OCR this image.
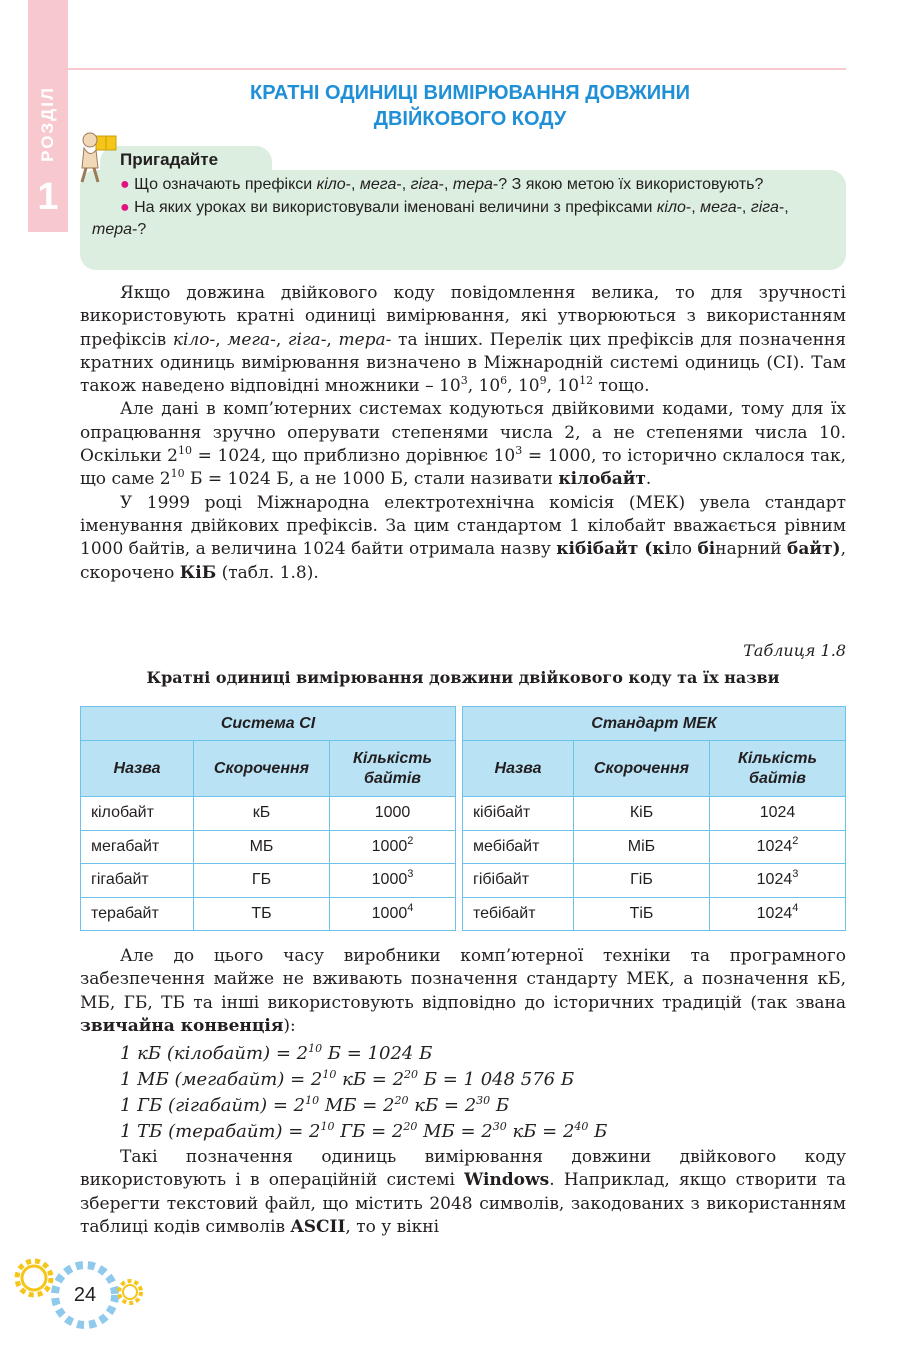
РОЗДІЛ
1
КРАТНІ ОДИНИЦІ ВИМІРЮВАННЯ ДОВЖИНИ
ДВІЙКОВОГО КОДУ
Пригадайте
● Що означають префікси кіло-, мега-, гіга-, тера-? З якою метою їх використовують?
● На яких уроках ви використовували іменовані величини з префіксами кіло-, мега-, гіга-, тера-?

Якщо довжина двійкового коду повідомлення велика, то для зручності використовують кратні одиниці вимірювання, які утворюються з використанням префіксів кіло-, мега-, гіга-, тера- та інших. Перелік цих префіксів для позначення кратних одиниць вимірювання визначено в Міжнародній системі одиниць (СІ). Там також наведено відповідні множники – $10^3$, $10^6$, $10^9$, $10^{12}$ тощо.

Але дані в комп’ютерних системах кодуються двійковими кодами, тому для їх опрацювання зручно оперувати степенями числа 2, а не степенями числа 10. Оскільки $2^{10} = 1024$, що приблизно дорівнює $10^3 = 1000$, то історично склалося так, що саме $2^{10}$ Б = 1024 Б, а не 1000 Б, стали називати кілобайт.

У 1999 році Міжнародна електротехнічна комісія (МЕК) увела стандарт іменування двійкових префіксів. За цим стандартом 1 кілобайт вважається рівним 1000 байтів, а величина 1024 байти отримала назву кібібайт (кіло бінарний байт), скорочено КіБ (табл. 1.8).

Таблиця 1.8
Кратні одиниці вимірювання довжини двійкового коду та їх назви
Система СІ		
Назва	Скорочення	Кількість байтів
кілобайт	кБ	1000
мегабайт	МБ	1000$^2$
гігабайт	ГБ	1000$^3$
терабайт	ТБ	1000$^4$
Стандарт МЕК		
Назва	Скорочення	Кількість байтів
кібібайт	КіБ	1024
мебібайт	МіБ	1024$^2$
гібібайт	ГіБ	1024$^3$
тебібайт	ТіБ	1024$^4$

Але до цього часу виробники комп’ютерної техніки та програмного забезпечення майже не вживають позначення стандарту МЕК, а позначення кБ, МБ, ГБ, ТБ та інші використовують відповідно до історичних традицій (так звана звичайна конвенція):

1 кБ (кілобайт) = $2^{10}$ Б = 1024 Б
1 МБ (мегабайт) = $2^{10}$ кБ = $2^{20}$ Б = 1 048 576 Б
1 ГБ (гігабайт) = $2^{10}$ МБ = $2^{20}$ кБ = $2^{30}$ Б
1 ТБ (терабайт) = $2^{10}$ ГБ = $2^{20}$ МБ = $2^{30}$ кБ = $2^{40}$ Б

Такі позначення одиниць вимірювання довжини двійкового коду використовують і в операційній системі Windows. Наприклад, якщо створити та зберегти текстовий файл, що містить 2048 символів, закодованих з використанням таблиці кодів символів ASCII, то у вікні

24
